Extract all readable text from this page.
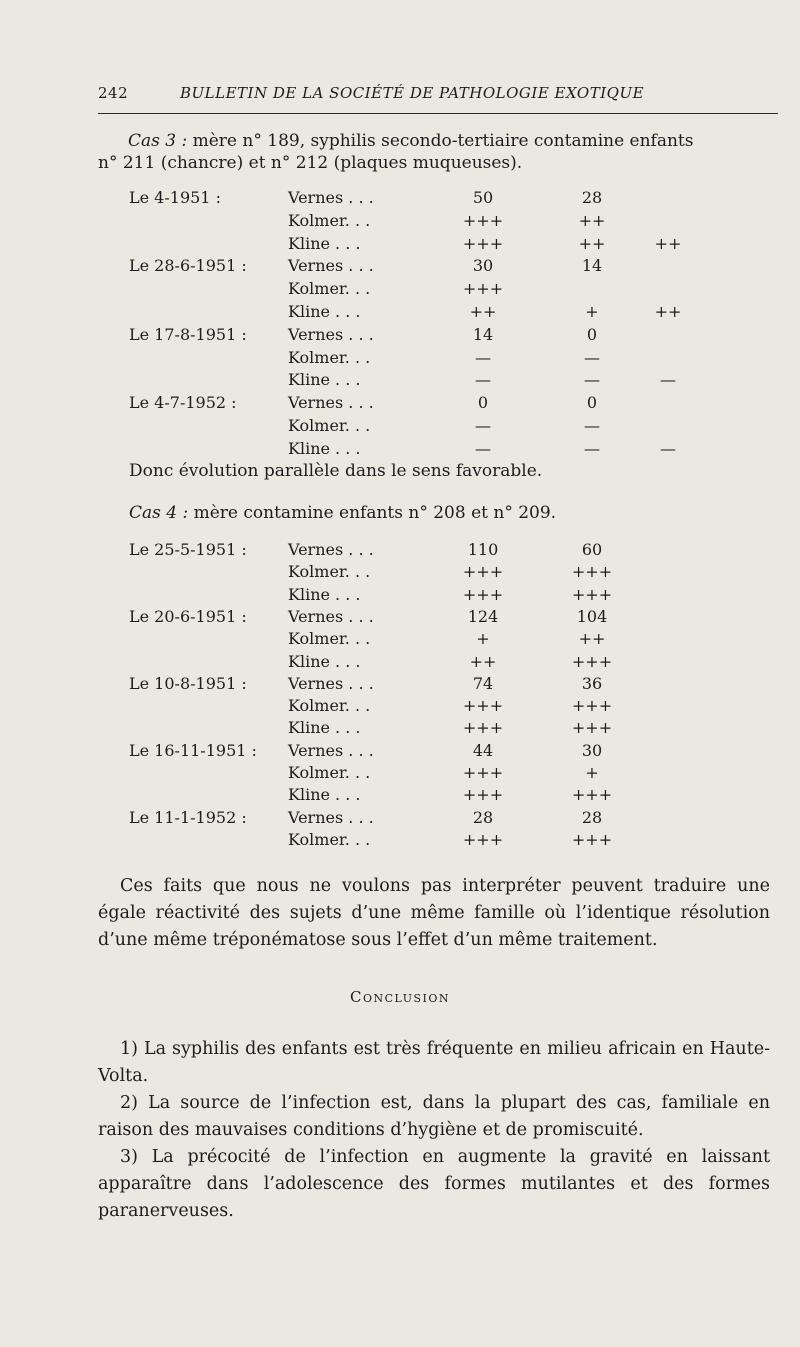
242	BULLETIN DE LA SOCIÉTÉ DE PATHOLOGIE EXOTIQUE
Cas 3 : mère n° 189, syphilis secondo-tertiaire contamine enfants
n° 211 (chancre) et n° 212 (plaques muqueuses).
Le 4-1951 :	Vernes . . .	50	28
Kolmer. . .	+++	++
Kline . . .	+++	++	++
Le 28-6-1951 :	Vernes . . .	30	14
Kolmer. . .	+++
Kline . . .	++	+	++
Le 17-8-1951 :	Vernes . . .	14	0
Kolmer. . .	—	—
Kline . . .	—	—	—
Le 4-7-1952 :	Vernes . . .	0	0
Kolmer. . .	—	—
Kline . . .	—	—	—
Donc évolution parallèle dans le sens favorable.
Cas 4 : mère contamine enfants n° 208 et n° 209.
Le 25-5-1951 :	Vernes . . .	110	60
Kolmer. . .	+++	+++
Kline . . .	+++	+++
Le 20-6-1951 :	Vernes . . .	124	104
Kolmer. . .	+	++
Kline . . .	++	+++
Le 10-8-1951 :	Vernes . . .	74	36
Kolmer. . .	+++	+++
Kline . . .	+++	+++
Le 16-11-1951 : Vernes . . .	44	30
Kolmer. . .	+++	+
Kline . . .	+++	+++
Le 11-1-1952 :	Vernes . . .	28	28
Kolmer. . .	+++	+++

Ces faits que nous ne voulons pas interpréter peuvent traduire une égale réactivité des sujets d’une même famille où l’identique résolution d’une même tréponématose sous l’effet d’un même traitement.

Conclusion

1) La syphilis des enfants est très fréquente en milieu africain en Haute-Volta.

2) La source de l’infection est, dans la plupart des cas, familiale en raison des mauvaises conditions d’hygiène et de promiscuité.

3) La précocité de l’infection en augmente la gravité en laissant apparaître dans l’adolescence des formes mutilantes et des formes paranerveuses.
